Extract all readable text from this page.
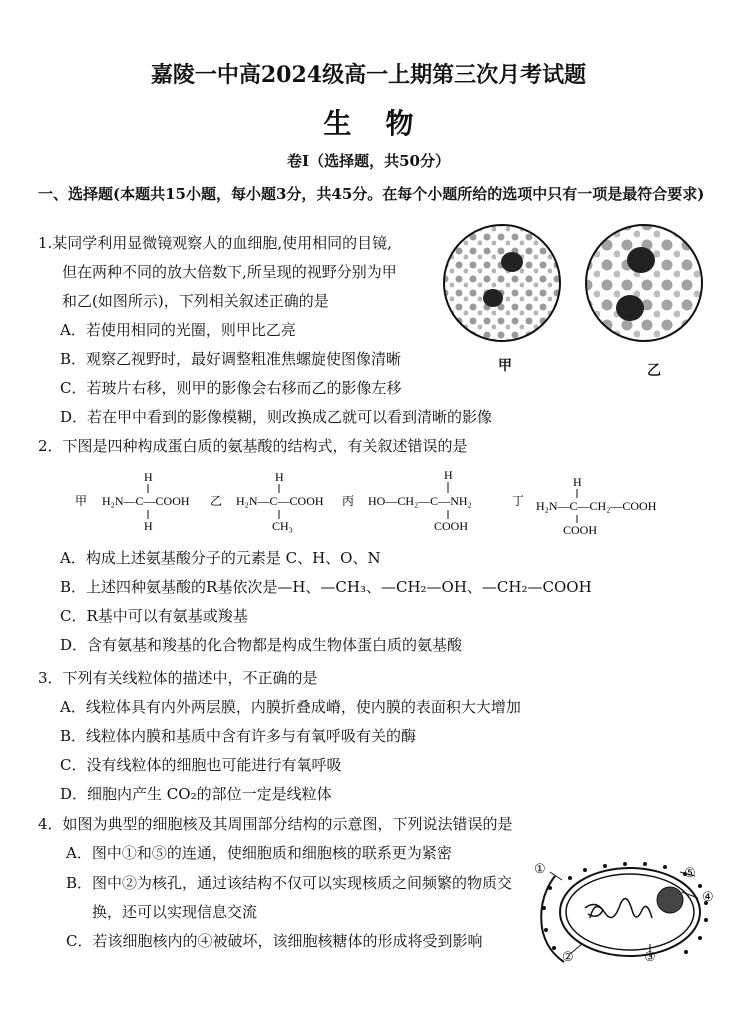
嘉陵一中高2024级高一上期第三次月考试题
生物
卷Ⅰ（选择题，共50分）
一、选择题(本题共15小题，每小题3分，共45分。在每个小题所给的选项中只有一项是最符合要求)
1.某同学利用显微镜观察人的血细胞,使用相同的目镜,
但在两种不同的放大倍数下,所呈现的视野分别为甲
和乙(如图所示)，下列相关叙述正确的是
A．若使用相同的光圈，则甲比乙亮
B．观察乙视野时，最好调整粗准焦螺旋使图像清晰
C．若玻片右移，则甲的影像会右移而乙的影像左移
D．若在甲中看到的影像模糊，则改换成乙就可以看到清晰的影像
甲	乙
2．下图是四种构成蛋白质的氨基酸的结构式，有关叙述错误的是
甲 H₂N—C—COOH
H
H
乙 H₂N—C—COOH
H
CH₃
丙 HO—CH₂—C—NH₂
H
COOH
丁 H₂N—C—CH₂—COOH
H
COOH
A．构成上述氨基酸分子的元素是 C、H、O、N
B．上述四种氨基酸的R基依次是—H、—CH₃、—CH₂—OH、—CH₂—COOH
C．R基中可以有氨基或羧基
D．含有氨基和羧基的化合物都是构成生物体蛋白质的氨基酸
3．下列有关线粒体的描述中，不正确的是
A．线粒体具有内外两层膜，内膜折叠成嵴，使内膜的表面积大大增加
B．线粒体内膜和基质中含有许多与有氧呼吸有关的酶
C．没有线粒体的细胞也可能进行有氧呼吸
D．细胞内产生 CO₂的部位一定是线粒体
4．如图为典型的细胞核及其周围部分结构的示意图，下列说法错误的是
A．图中①和⑤的连通，使细胞质和细胞核的联系更为紧密
B．图中②为核孔，通过该结构不仅可以实现核质之间频繁的物质交
换，还可以实现信息交流
C．若该细胞核内的④被破坏，该细胞核糖体的形成将受到影响
①
②	③
④
⑤
